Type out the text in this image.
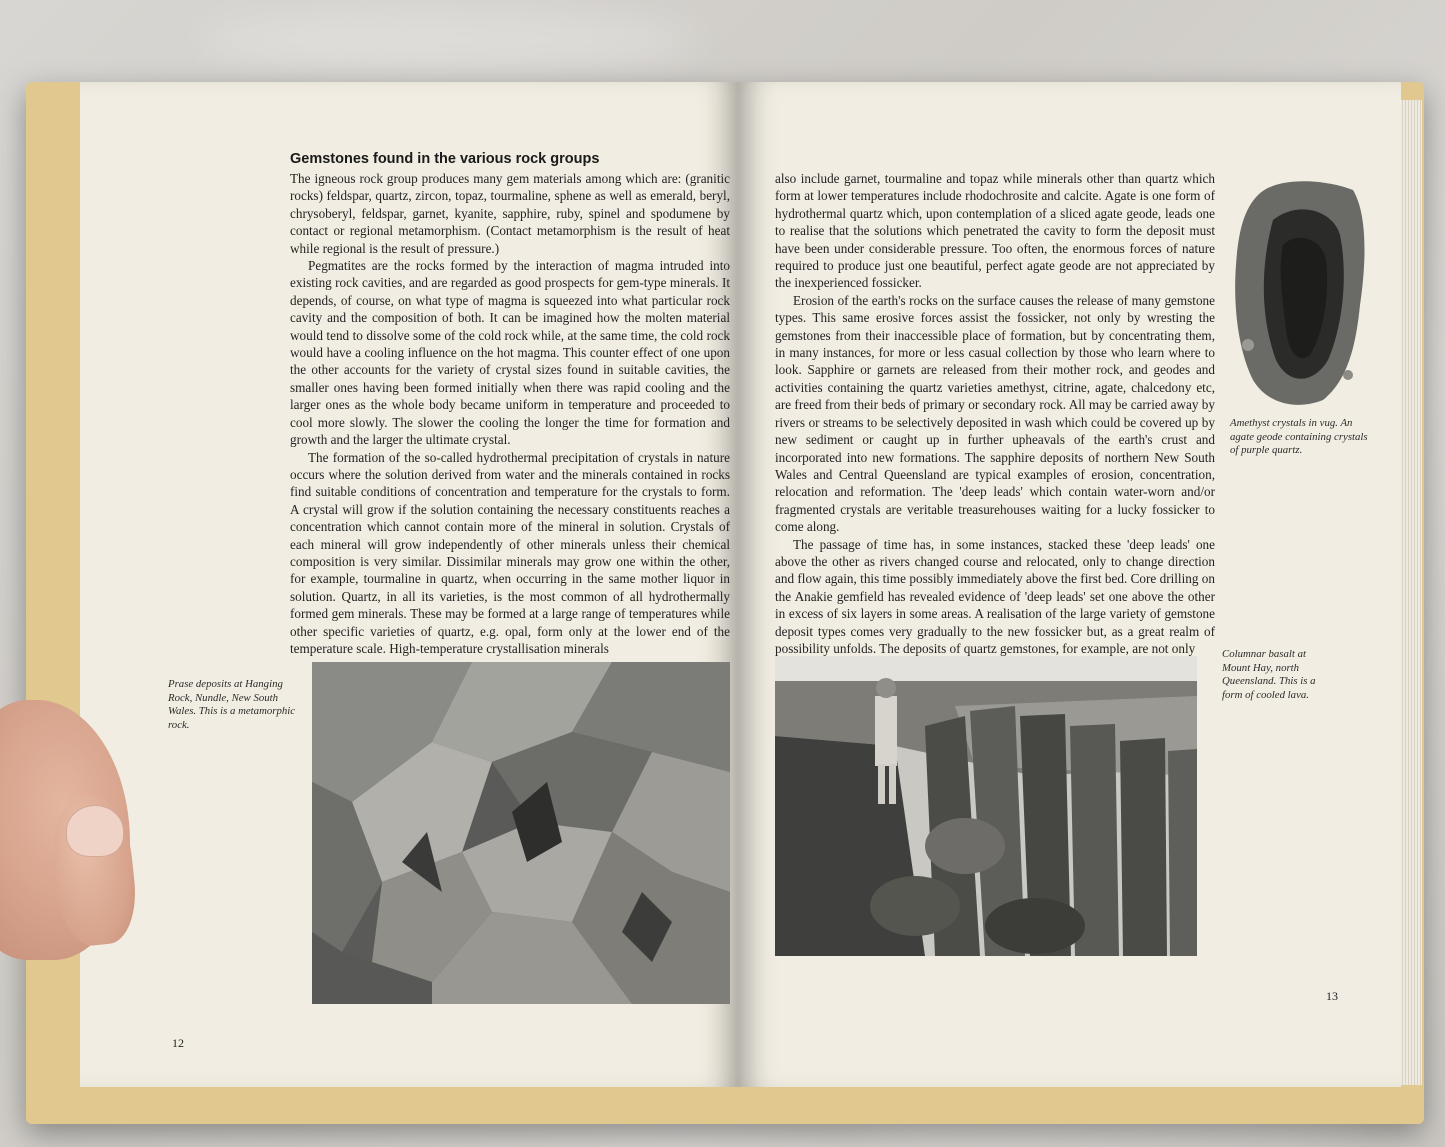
Gemstones found in the various rock groups

The igneous rock group produces many gem materials among which are: (granitic rocks) feldspar, quartz, zircon, topaz, tourmaline, sphene as well as emerald, beryl, chrysoberyl, feldspar, garnet, kyanite, sapphire, ruby, spinel and spodumene by contact or regional metamorphism. (Contact metamorphism is the result of heat while regional is the result of pressure.)

Pegmatites are the rocks formed by the interaction of magma intruded into existing rock cavities, and are regarded as good prospects for gem-type minerals. It depends, of course, on what type of magma is squeezed into what particular rock cavity and the composition of both. It can be imagined how the molten material would tend to dissolve some of the cold rock while, at the same time, the cold rock would have a cooling influence on the hot magma. This counter effect of one upon the other accounts for the variety of crystal sizes found in suitable cavities, the smaller ones having been formed initially when there was rapid cooling and the larger ones as the whole body became uniform in temperature and proceeded to cool more slowly. The slower the cooling the longer the time for formation and growth and the larger the ultimate crystal.

The formation of the so-called hydrothermal precipitation of crystals in nature occurs where the solution derived from water and the minerals contained in rocks find suitable conditions of concentration and temperature for the crystals to form. A crystal will grow if the solution containing the necessary constituents reaches a concentration which cannot contain more of the mineral in solution. Crystals of each mineral will grow independently of other minerals unless their chemical composition is very similar. Dissimilar minerals may grow one within the other, for example, tourmaline in quartz, when occurring in the same mother liquor in solution. Quartz, in all its varieties, is the most common of all hydrothermally formed gem minerals. These may be formed at a large range of temperatures while other specific varieties of quartz, e.g. opal, form only at the lower end of the temperature scale. High-temperature crystallisation minerals

Prase deposits at Hanging Rock, Nundle, New South Wales. This is a metamorphic rock.

12

also include garnet, tourmaline and topaz while minerals other than quartz which form at lower temperatures include rhodochrosite and calcite. Agate is one form of hydrothermal quartz which, upon contemplation of a sliced agate geode, leads one to realise that the solutions which penetrated the cavity to form the deposit must have been under considerable pressure. Too often, the enormous forces of nature required to produce just one beautiful, perfect agate geode are not appreciated by the inexperienced fossicker.

Erosion of the earth's rocks on the surface causes the release of many gemstone types. This same erosive forces assist the fossicker, not only by wresting the gemstones from their inaccessible place of formation, but by concentrating them, in many instances, for more or less casual collection by those who learn where to look. Sapphire or garnets are released from their mother rock, and geodes and activities containing the quartz varieties amethyst, citrine, agate, chalcedony etc, are freed from their beds of primary or secondary rock. All may be carried away by rivers or streams to be selectively deposited in wash which could be covered up by new sediment or caught up in further upheavals of the earth's crust and incorporated into new formations. The sapphire deposits of northern New South Wales and Central Queensland are typical examples of erosion, concentration, relocation and reformation. The 'deep leads' which contain water-worn and/or fragmented crystals are veritable treasurehouses waiting for a lucky fossicker to come along.

The passage of time has, in some instances, stacked these 'deep leads' one above the other as rivers changed course and relocated, only to change direction and flow again, this time possibly immediately above the first bed. Core drilling on the Anakie gemfield has revealed evidence of 'deep leads' set one above the other in excess of six layers in some areas. A realisation of the large variety of gemstone deposit types comes very gradually to the new fossicker but, as a great realm of possibility unfolds. The deposits of quartz gemstones, for example, are not only

Amethyst crystals in vug. An agate geode containing crystals of purple quartz.

Columnar basalt at Mount Hay, north Queensland. This is a form of cooled lava.

13
